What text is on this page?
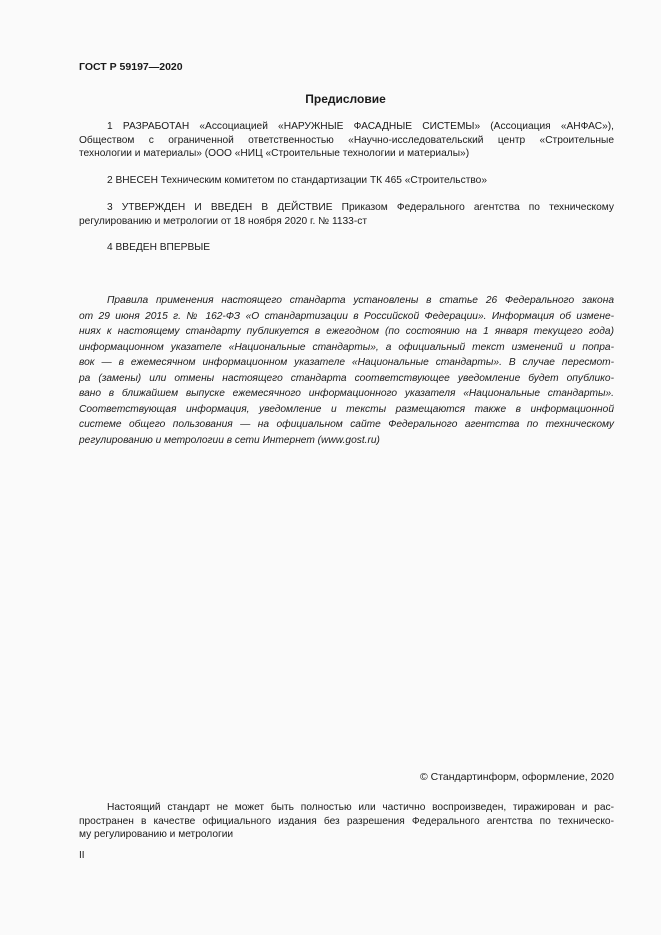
ГОСТ Р 59197—2020
Предисловие
1 РАЗРАБОТАН «Ассоциацией «НАРУЖНЫЕ ФАСАДНЫЕ СИСТЕМЫ» (Ассоциация «АНФАС»),
Обществом с ограниченной ответственностью «Научно-исследовательский центр «Строительные
технологии и материалы» (ООО «НИЦ «Строительные технологии и материалы»)
2 ВНЕСЕН Техническим комитетом по стандартизации ТК 465 «Строительство»
3 УТВЕРЖДЕН И ВВЕДЕН В ДЕЙСТВИЕ Приказом Федерального агентства по техническому
регулированию и метрологии от 18 ноября 2020 г. № 1133-ст
4 ВВЕДЕН ВПЕРВЫЕ
Правила применения настоящего стандарта установлены в статье 26 Федерального закона
от 29 июня 2015 г. № 162-ФЗ «О стандартизации в Российской Федерации». Информация об измене-
ниях к настоящему стандарту публикуется в ежегодном (по состоянию на 1 января текущего года)
информационном указателе «Национальные стандарты», а официальный текст изменений и попра-
вок — в ежемесячном информационном указателе «Национальные стандарты». В случае пересмот-
ра (замены) или отмены настоящего стандарта соответствующее уведомление будет опублико-
вано в ближайшем выпуске ежемесячного информационного указателя «Национальные стандарты».
Соответствующая информация, уведомление и тексты размещаются также в информационной
системе общего пользования — на официальном сайте Федерального агентства по техническому
регулированию и метрологии в сети Интернет (www.gost.ru)
© Стандартинформ, оформление, 2020
Настоящий стандарт не может быть полностью или частично воспроизведен, тиражирован и рас-
пространен в качестве официального издания без разрешения Федерального агентства по техническо-
му регулированию и метрологии
II
